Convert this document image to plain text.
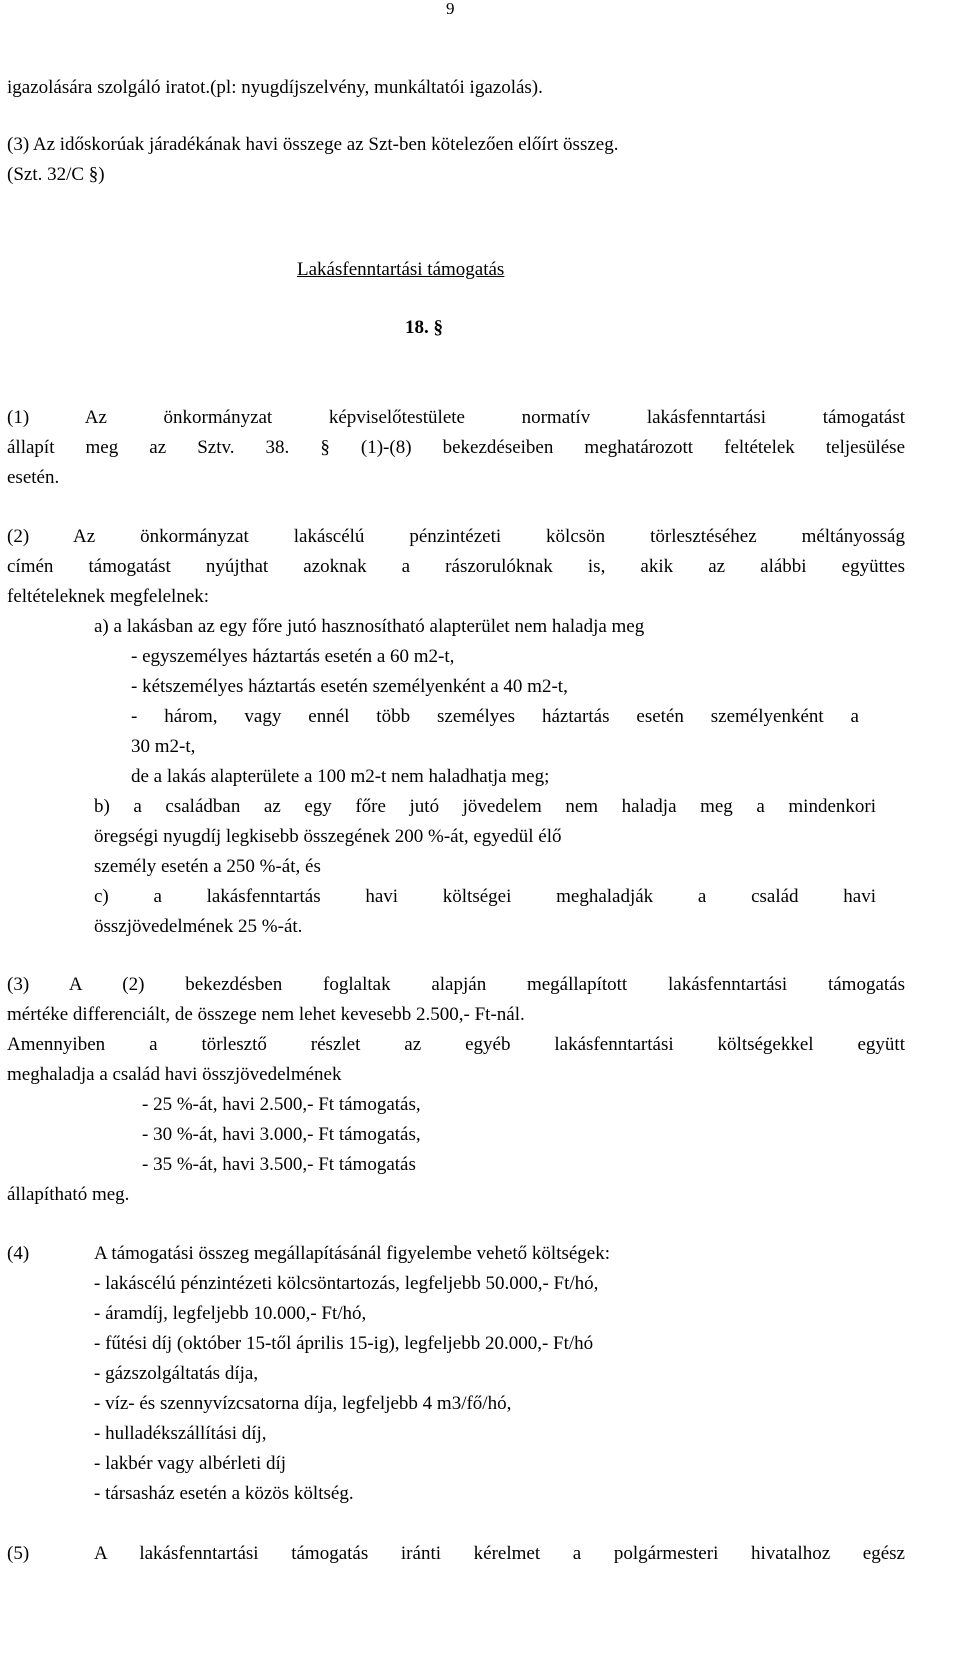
9
igazolására szolgáló iratot.(pl: nyugdíjszelvény, munkáltatói igazolás).
(3) Az időskorúak járadékának havi összege az Szt-ben kötelezően előírt összeg.
(Szt. 32/C §)
Lakásfenntartási támogatás
18. §
(1) Az önkormányzat képviselőtestülete normatív lakásfenntartási támogatást
állapít meg az Sztv. 38. § (1)-(8) bekezdéseiben meghatározott feltételek teljesülése
esetén.
(2) Az önkormányzat lakáscélú pénzintézeti kölcsön törlesztéséhez méltányosság
címén támogatást nyújthat azoknak a rászorulóknak is, akik az alábbi együttes
feltételeknek megfelelnek:
a) a lakásban az egy főre jutó hasznosítható alapterület nem haladja meg
- egyszemélyes háztartás esetén a 60 m2-t,
- kétszemélyes háztartás esetén személyenként a 40 m2-t,
- három, vagy ennél több személyes háztartás esetén személyenként a
30 m2-t,
de a lakás alapterülete a 100 m2-t nem haladhatja meg;
b) a családban az egy főre jutó jövedelem nem haladja meg a mindenkori
öregségi nyugdíj legkisebb összegének 200 %-át, egyedül élő
személy esetén a 250 %-át, és
c) a lakásfenntartás havi költségei meghaladják a család havi
összjövedelmének 25 %-át.
(3) A (2) bekezdésben foglaltak alapján megállapított lakásfenntartási támogatás
mértéke differenciált, de összege nem lehet kevesebb 2.500,- Ft-nál.
Amennyiben a törlesztő részlet az egyéb lakásfenntartási költségekkel együtt
meghaladja a család havi összjövedelmének
- 25 %-át, havi 2.500,- Ft támogatás,
- 30 %-át, havi 3.000,- Ft támogatás,
- 35 %-át, havi 3.500,- Ft támogatás
állapítható meg.
(4)	A támogatási összeg megállapításánál figyelembe vehető költségek:
- lakáscélú pénzintézeti kölcsöntartozás, legfeljebb 50.000,- Ft/hó,
- áramdíj, legfeljebb 10.000,- Ft/hó,
- fűtési díj (október 15-től április 15-ig), legfeljebb 20.000,- Ft/hó
- gázszolgáltatás díja,
- víz- és szennyvízcsatorna díja, legfeljebb 4 m3/fő/hó,
- hulladékszállítási díj,
- lakbér vagy albérleti díj
- társasház esetén a közös költség.
(5)	A lakásfenntartási támogatás iránti kérelmet a polgármesteri hivatalhoz egész
